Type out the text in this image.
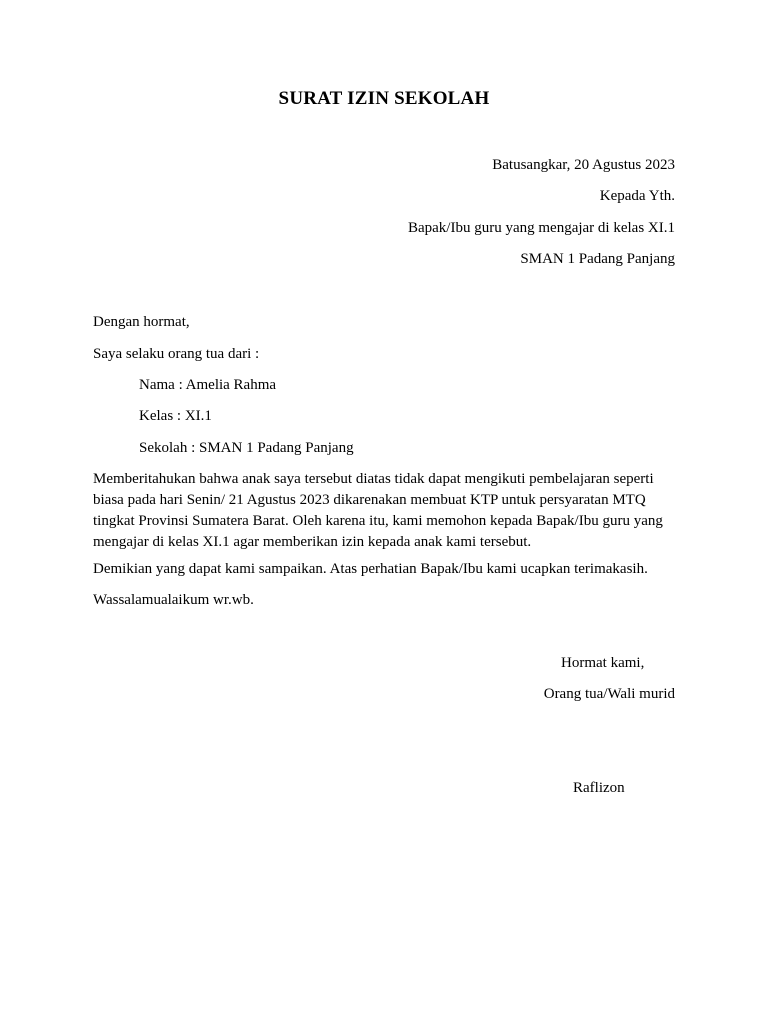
SURAT IZIN SEKOLAH
Batusangkar, 20 Agustus 2023
Kepada Yth.
Bapak/Ibu guru yang mengajar di kelas XI.1
SMAN 1 Padang Panjang
Dengan hormat,
Saya selaku orang tua dari :
Nama : Amelia Rahma
Kelas : XI.1
Sekolah : SMAN 1 Padang Panjang
Memberitahukan bahwa anak saya tersebut diatas tidak dapat mengikuti pembelajaran seperti biasa pada hari Senin/ 21 Agustus 2023 dikarenakan membuat KTP untuk persyaratan MTQ tingkat Provinsi Sumatera Barat. Oleh karena itu, kami memohon kepada Bapak/Ibu guru yang mengajar di kelas XI.1 agar memberikan izin kepada anak kami tersebut.
Demikian yang dapat kami sampaikan. Atas perhatian Bapak/Ibu kami ucapkan terimakasih.
Wassalamualaikum wr.wb.
Hormat kami,
Orang tua/Wali murid
Raflizon
